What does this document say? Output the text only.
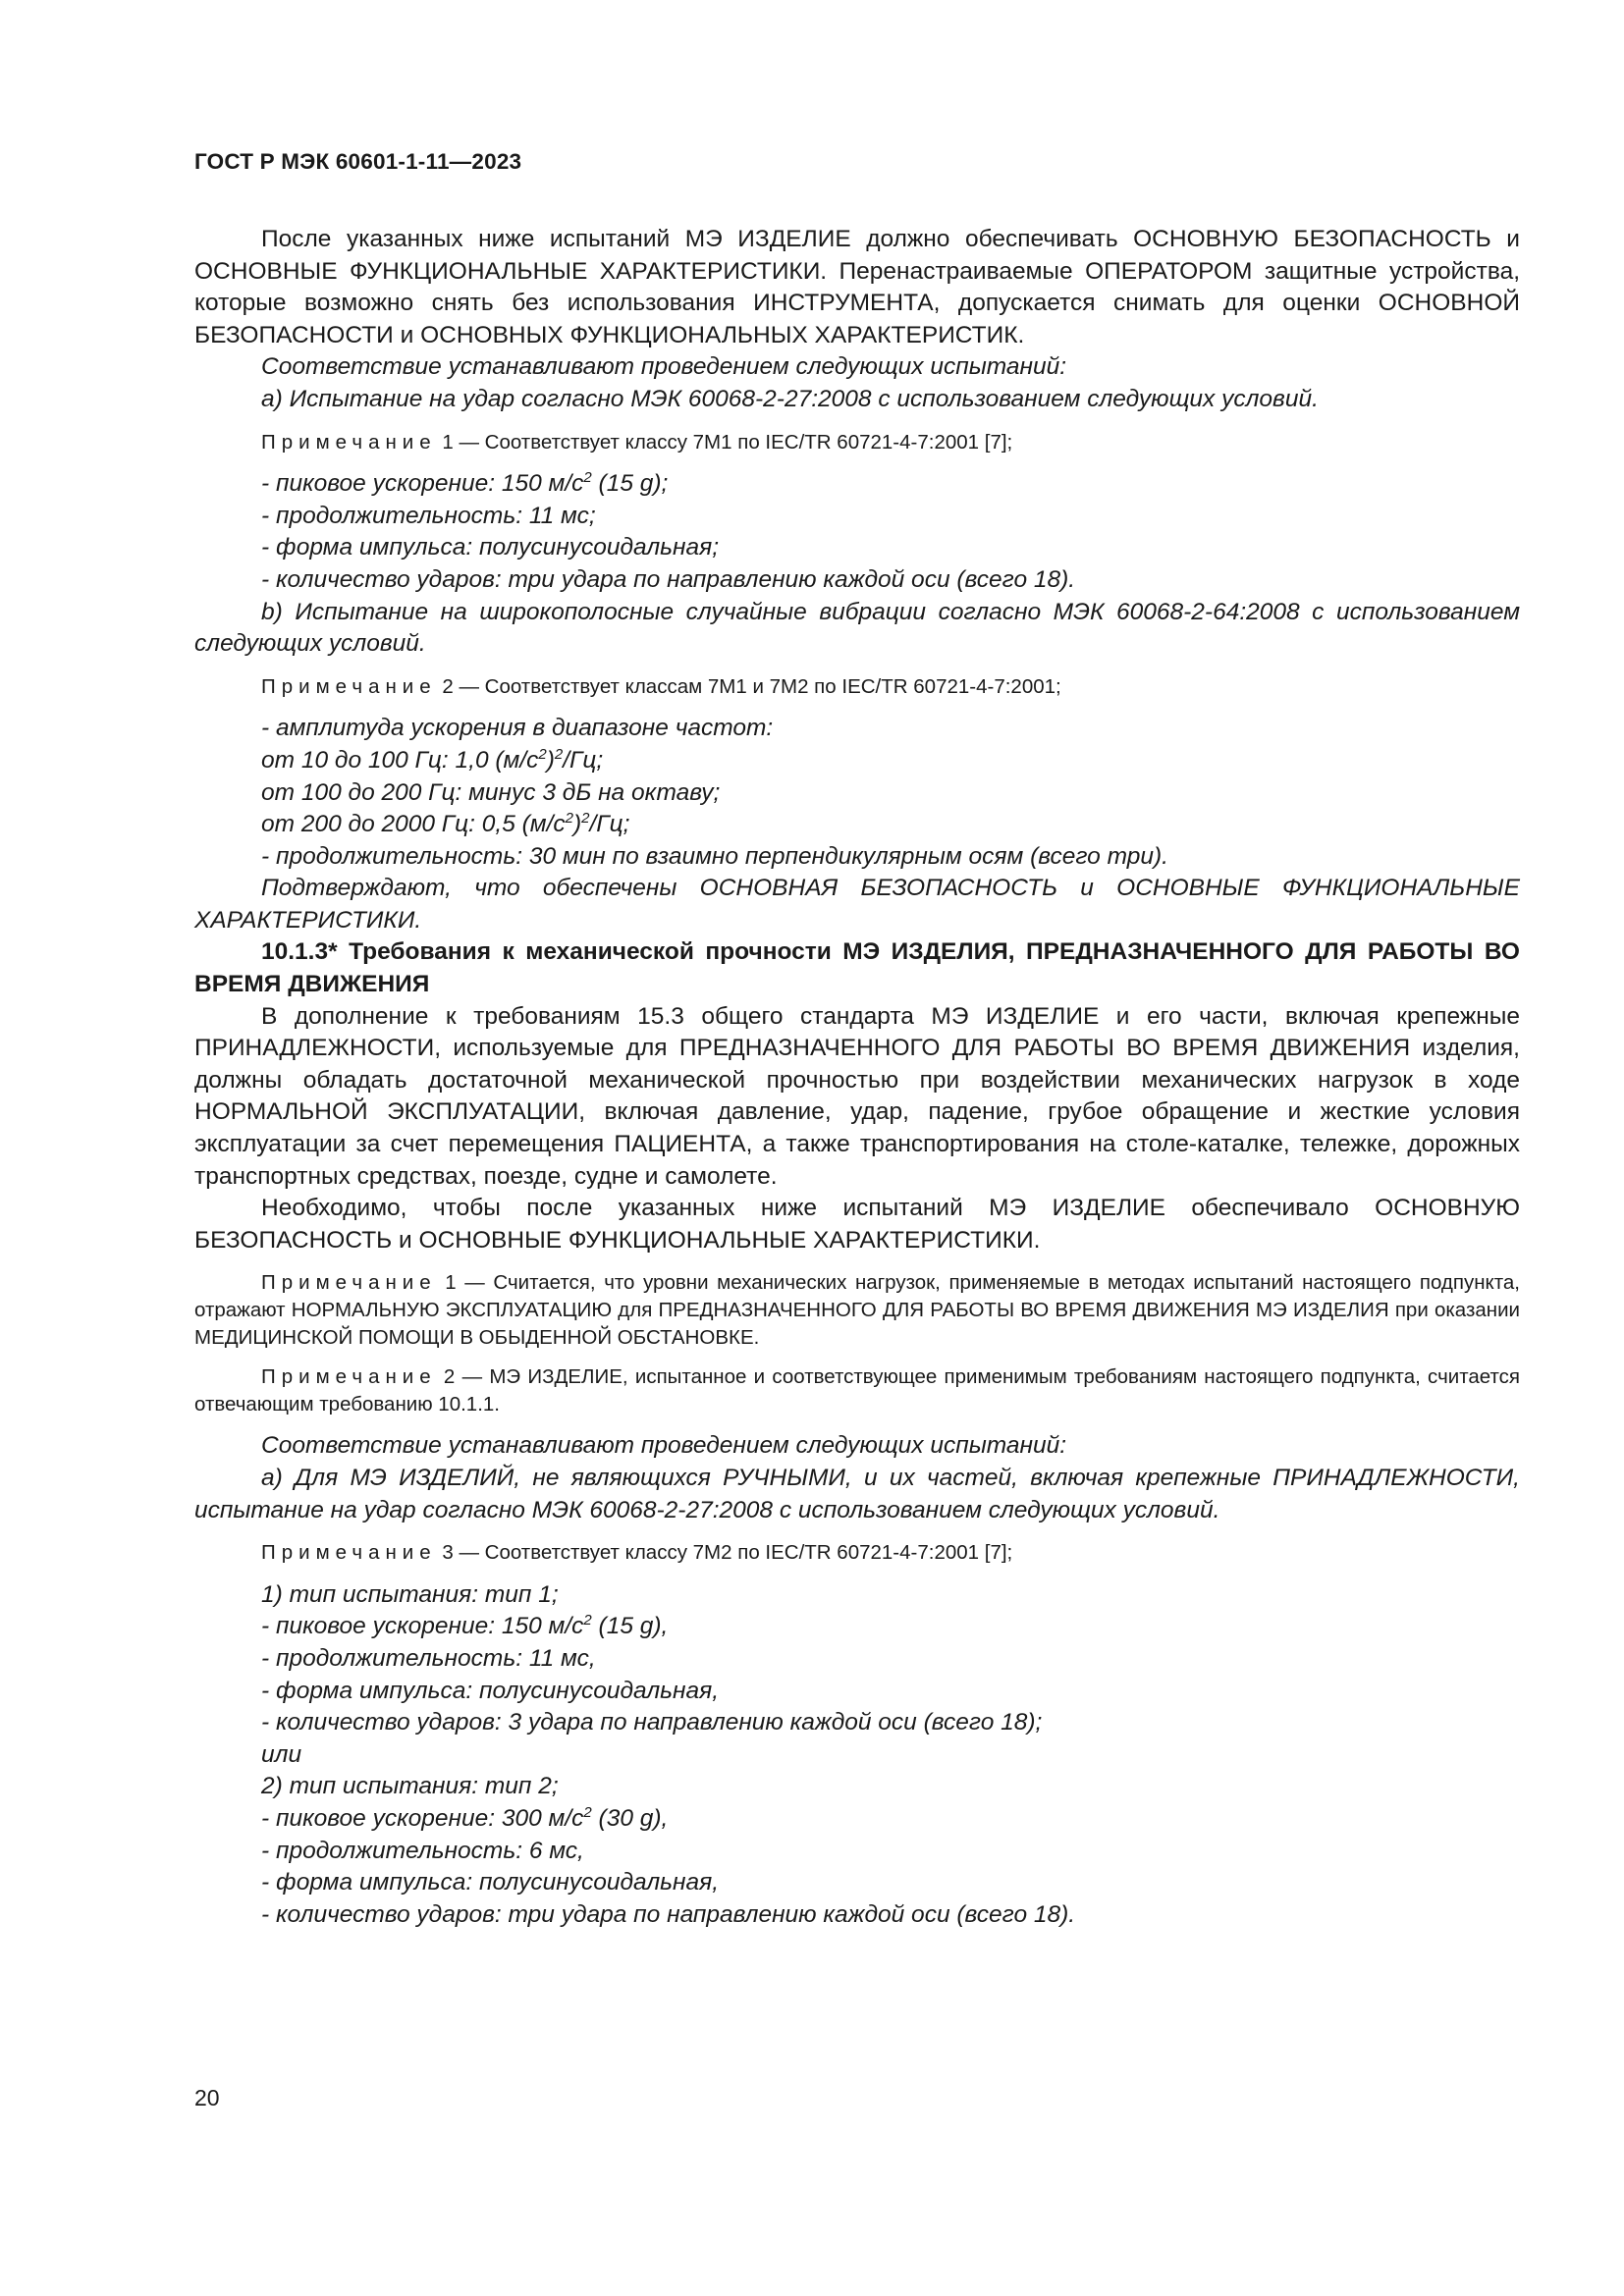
ГОСТ Р МЭК 60601-1-11—2023

После указанных ниже испытаний МЭ ИЗДЕЛИЕ должно обеспечивать ОСНОВНУЮ БЕЗОПАСНОСТЬ и ОСНОВНЫЕ ФУНКЦИОНАЛЬНЫЕ ХАРАКТЕРИСТИКИ. Перенастраиваемые ОПЕРАТОРОМ защитные устройства, которые возможно снять без использования ИНСТРУМЕНТА, допускается снимать для оценки ОСНОВНОЙ БЕЗОПАСНОСТИ и ОСНОВНЫХ ФУНКЦИОНАЛЬНЫХ ХАРАКТЕРИСТИК.

Соответствие устанавливают проведением следующих испытаний:

a) Испытание на удар согласно МЭК 60068-2-27:2008 с использованием следующих условий.

Примечание 1 — Соответствует классу 7M1 по IEC/TR 60721-4-7:2001 [7];

- пиковое ускорение: 150 $м/с^2$ (15 g);

- продолжительность: 11 мс;

- форма импульса: полусинусоидальная;

- количество ударов: три удара по направлению каждой оси (всего 18).

b) Испытание на широкополосные случайные вибрации согласно МЭК 60068-2-64:2008 с использованием следующих условий.

Примечание 2 — Соответствует классам 7M1 и 7M2 по IEC/TR 60721-4-7:2001;

- амплитуда ускорения в диапазоне частот:

от 10 до 100 Гц: 1,0 $(м/с^2)^2/Гц$;

от 100 до 200 Гц: минус 3 дБ на октаву;

от 200 до 2000 Гц: 0,5 $(м/с^2)^2/Гц$;

- продолжительность: 30 мин по взаимно перпендикулярным осям (всего три).

Подтверждают, что обеспечены ОСНОВНАЯ БЕЗОПАСНОСТЬ и ОСНОВНЫЕ ФУНКЦИОНАЛЬНЫЕ ХАРАКТЕРИСТИКИ.

10.1.3* Требования к механической прочности МЭ ИЗДЕЛИЯ, ПРЕДНАЗНАЧЕННОГО ДЛЯ РАБОТЫ ВО ВРЕМЯ ДВИЖЕНИЯ

В дополнение к требованиям 15.3 общего стандарта МЭ ИЗДЕЛИЕ и его части, включая крепежные ПРИНАДЛЕЖНОСТИ, используемые для ПРЕДНАЗНАЧЕННОГО ДЛЯ РАБОТЫ ВО ВРЕМЯ ДВИЖЕНИЯ изделия, должны обладать достаточной механической прочностью при воздействии механических нагрузок в ходе НОРМАЛЬНОЙ ЭКСПЛУАТАЦИИ, включая давление, удар, падение, грубое обращение и жесткие условия эксплуатации за счет перемещения ПАЦИЕНТА, а также транспортирования на столе-каталке, тележке, дорожных транспортных средствах, поезде, судне и самолете.

Необходимо, чтобы после указанных ниже испытаний МЭ ИЗДЕЛИЕ обеспечивало ОСНОВНУЮ БЕЗОПАСНОСТЬ и ОСНОВНЫЕ ФУНКЦИОНАЛЬНЫЕ ХАРАКТЕРИСТИКИ.

Примечание 1 — Считается, что уровни механических нагрузок, применяемые в методах испытаний настоящего подпункта, отражают НОРМАЛЬНУЮ ЭКСПЛУАТАЦИЮ для ПРЕДНАЗНАЧЕННОГО ДЛЯ РАБОТЫ ВО ВРЕМЯ ДВИЖЕНИЯ МЭ ИЗДЕЛИЯ при оказании МЕДИЦИНСКОЙ ПОМОЩИ В ОБЫДЕННОЙ ОБСТАНОВКЕ.

Примечание 2 — МЭ ИЗДЕЛИЕ, испытанное и соответствующее применимым требованиям настоящего подпункта, считается отвечающим требованию 10.1.1.

Соответствие устанавливают проведением следующих испытаний:

a) Для МЭ ИЗДЕЛИЙ, не являющихся РУЧНЫМИ, и их частей, включая крепежные ПРИНАДЛЕЖНОСТИ, испытание на удар согласно МЭК 60068-2-27:2008 с использованием следующих условий.

Примечание 3 — Соответствует классу 7M2 по IEC/TR 60721-4-7:2001 [7];

1) тип испытания: тип 1;

- пиковое ускорение: 150 $м/с^2$ (15 g),

- продолжительность: 11 мс,

- форма импульса: полусинусоидальная,

- количество ударов: 3 удара по направлению каждой оси (всего 18);

или

2) тип испытания: тип 2;

- пиковое ускорение: 300 $м/с^2$ (30 g),

- продолжительность: 6 мс,

- форма импульса: полусинусоидальная,

- количество ударов: три удара по направлению каждой оси (всего 18).

20
